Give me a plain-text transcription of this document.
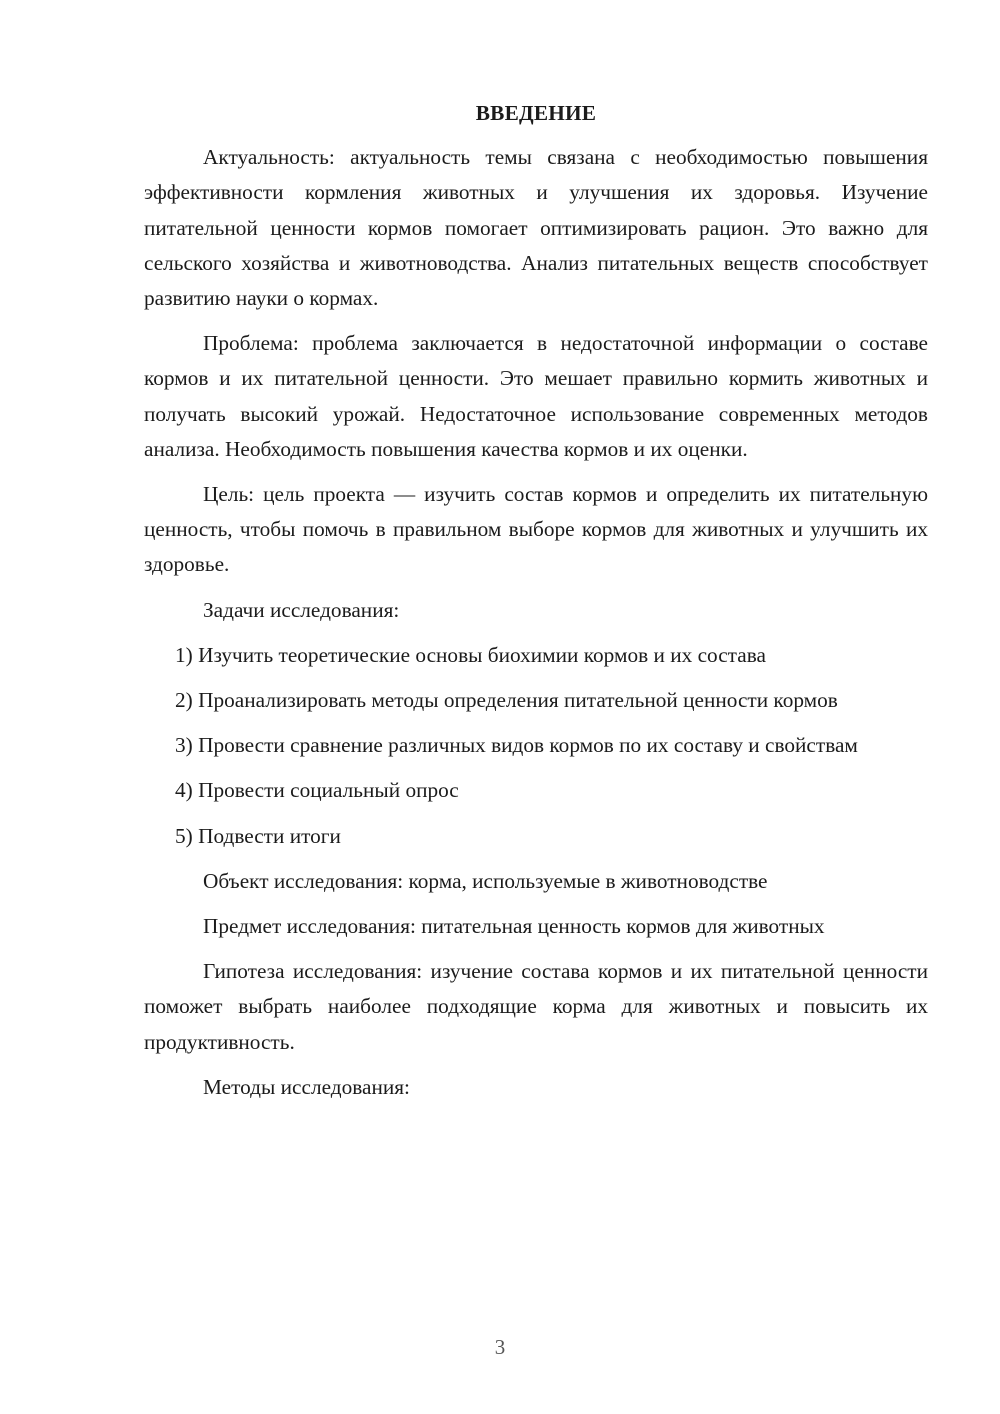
ВВЕДЕНИЕ

Актуальность: актуальность темы связана с необходимостью повышения эффективности кормления животных и улучшения их здоровья. Изучение питательной ценности кормов помогает оптимизировать рацион. Это важно для сельского хозяйства и животноводства. Анализ питательных веществ способствует развитию науки о кормах.

Проблема: проблема заключается в недостаточной информации о составе кормов и их питательной ценности. Это мешает правильно кормить животных и получать высокий урожай. Недостаточное использование современных методов анализа. Необходимость повышения качества кормов и их оценки.

Цель: цель проекта — изучить состав кормов и определить их питательную ценность, чтобы помочь в правильном выборе кормов для животных и улучшить их здоровье.

Задачи исследования:

1) Изучить теоретические основы биохимии кормов и их состава

2) Проанализировать методы определения питательной ценности кормов

3) Провести сравнение различных видов кормов по их составу и свойствам

4) Провести социальный опрос

5) Подвести итоги

Объект исследования: корма, используемые в животноводстве

Предмет исследования: питательная ценность кормов для животных

Гипотеза исследования: изучение состава кормов и их питательной ценности поможет выбрать наиболее подходящие корма для животных и повысить их продуктивность.

Методы исследования:

3
